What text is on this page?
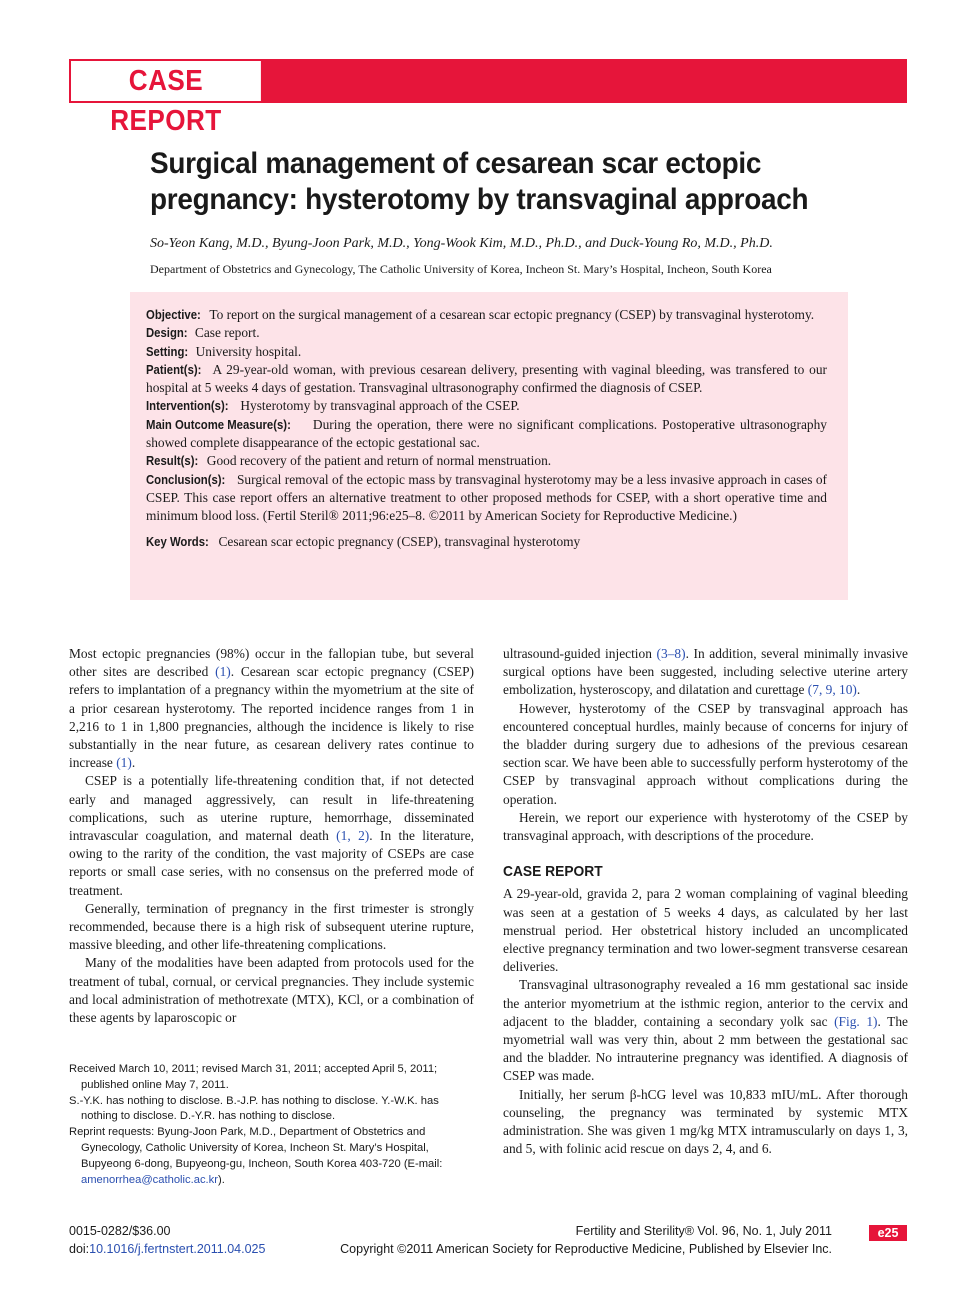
CASE REPORT
Surgical management of cesarean scar ectopic pregnancy: hysterotomy by transvaginal approach
So-Yeon Kang, M.D., Byung-Joon Park, M.D., Yong-Wook Kim, M.D., Ph.D., and Duck-Young Ro, M.D., Ph.D.
Department of Obstetrics and Gynecology, The Catholic University of Korea, Incheon St. Mary’s Hospital, Incheon, South Korea

Objective: To report on the surgical management of a cesarean scar ectopic pregnancy (CSEP) by transvaginal hysterotomy.

Design: Case report.

Setting: University hospital.

Patient(s): A 29-year-old woman, with previous cesarean delivery, presenting with vaginal bleeding, was transfered to our hospital at 5 weeks 4 days of gestation. Transvaginal ultrasonography confirmed the diagnosis of CSEP.

Intervention(s): Hysterotomy by transvaginal approach of the CSEP.

Main Outcome Measure(s): During the operation, there were no significant complications. Postoperative ultrasonography showed complete disappearance of the ectopic gestational sac.

Result(s): Good recovery of the patient and return of normal menstruation.

Conclusion(s): Surgical removal of the ectopic mass by transvaginal hysterotomy may be a less invasive approach in cases of CSEP. This case report offers an alternative treatment to other proposed methods for CSEP, with a short operative time and minimum blood loss. (Fertil Steril® 2011;96:e25–8. ©2011 by American Society for Reproductive Medicine.)

Key Words: Cesarean scar ectopic pregnancy (CSEP), transvaginal hysterotomy

Most ectopic pregnancies (98%) occur in the fallopian tube, but several other sites are described (1). Cesarean scar ectopic pregnancy (CSEP) refers to implantation of a pregnancy within the myometrium at the site of a prior cesarean hysterotomy. The reported incidence ranges from 1 in 2,216 to 1 in 1,800 pregnancies, although the incidence is likely to rise substantially in the near future, as cesarean delivery rates continue to increase (1).

CSEP is a potentially life-threatening condition that, if not detected early and managed aggressively, can result in life-threatening complications, such as uterine rupture, hemorrhage, disseminated intravascular coagulation, and maternal death (1, 2). In the literature, owing to the rarity of the condition, the vast majority of CSEPs are case reports or small case series, with no consensus on the preferred mode of treatment.

Generally, termination of pregnancy in the first trimester is strongly recommended, because there is a high risk of subsequent uterine rupture, massive bleeding, and other life-threatening complications.

Many of the modalities have been adapted from protocols used for the treatment of tubal, cornual, or cervical pregnancies. They include systemic and local administration of methotrexate (MTX), KCl, or a combination of these agents by laparoscopic or

ultrasound-guided injection (3–8). In addition, several minimally invasive surgical options have been suggested, including selective uterine artery embolization, hysteroscopy, and dilatation and curettage (7, 9, 10).

However, hysterotomy of the CSEP by transvaginal approach has encountered conceptual hurdles, mainly because of concerns for injury of the bladder during surgery due to adhesions of the previous cesarean section scar. We have been able to successfully perform hysterotomy of the CSEP by transvaginal approach without complications during the operation.

Herein, we report our experience with hysterotomy of the CSEP by transvaginal approach, with descriptions of the procedure.

CASE REPORT

A 29-year-old, gravida 2, para 2 woman complaining of vaginal bleeding was seen at a gestation of 5 weeks 4 days, as calculated by her last menstrual period. Her obstetrical history included an uncomplicated elective pregnancy termination and two lower-segment transverse cesarean deliveries.

Transvaginal ultrasonography revealed a 16 mm gestational sac inside the anterior myometrium at the isthmic region, anterior to the cervix and adjacent to the bladder, containing a secondary yolk sac (Fig. 1). The myometrial wall was very thin, about 2 mm between the gestational sac and the bladder. No intrauterine pregnancy was identified. A diagnosis of CSEP was made.

Initially, her serum β-hCG level was 10,833 mIU/mL. After thorough counseling, the pregnancy was terminated by systemic MTX administration. She was given 1 mg/kg MTX intramuscularly on days 1, 3, and 5, with folinic acid rescue on days 2, 4, and 6.

Received March 10, 2011; revised March 31, 2011; accepted April 5, 2011; published online May 7, 2011.

S.-Y.K. has nothing to disclose. B.-J.P. has nothing to disclose. Y.-W.K. has nothing to disclose. D.-Y.R. has nothing to disclose.

Reprint requests: Byung-Joon Park, M.D., Department of Obstetrics and Gynecology, Catholic University of Korea, Incheon St. Mary’s Hospital, Bupyeong 6-dong, Bupyeong-gu, Incheon, South Korea 403-720 (E-mail: amenorrhea@catholic.ac.kr).

0015-0282/$36.00
doi:10.1016/j.fertnstert.2011.04.025
Fertility and Sterility® Vol. 96, No. 1, July 2011
Copyright ©2011 American Society for Reproductive Medicine, Published by Elsevier Inc.
e25
